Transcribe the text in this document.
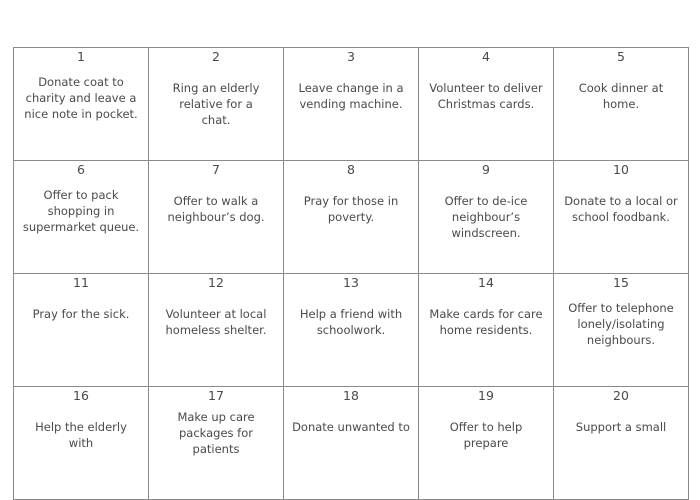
1
Donate coat to charity and leave a nice note in pocket.
2
Ring an elderly relative for a chat.
3
Leave change in a vending machine.
4
Volunteer to deliver Christmas cards.
5
Cook dinner at home.
6
Offer to pack shopping in supermarket queue.
7
Offer to walk a neighbour’s dog.
8
Pray for those in poverty.
9
Offer to de-ice neighbour’s windscreen.
10
Donate to a local or school foodbank.
11
Pray for the sick.
12
Volunteer at local homeless shelter.
13
Help a friend with schoolwork.
14
Make cards for care home residents.
15
Offer to telephone lonely/isolating neighbours.
16
Help the elderly with
17
Make up care packages for patients
18
Donate unwanted to
19
Offer to help prepare
20
Support a small
